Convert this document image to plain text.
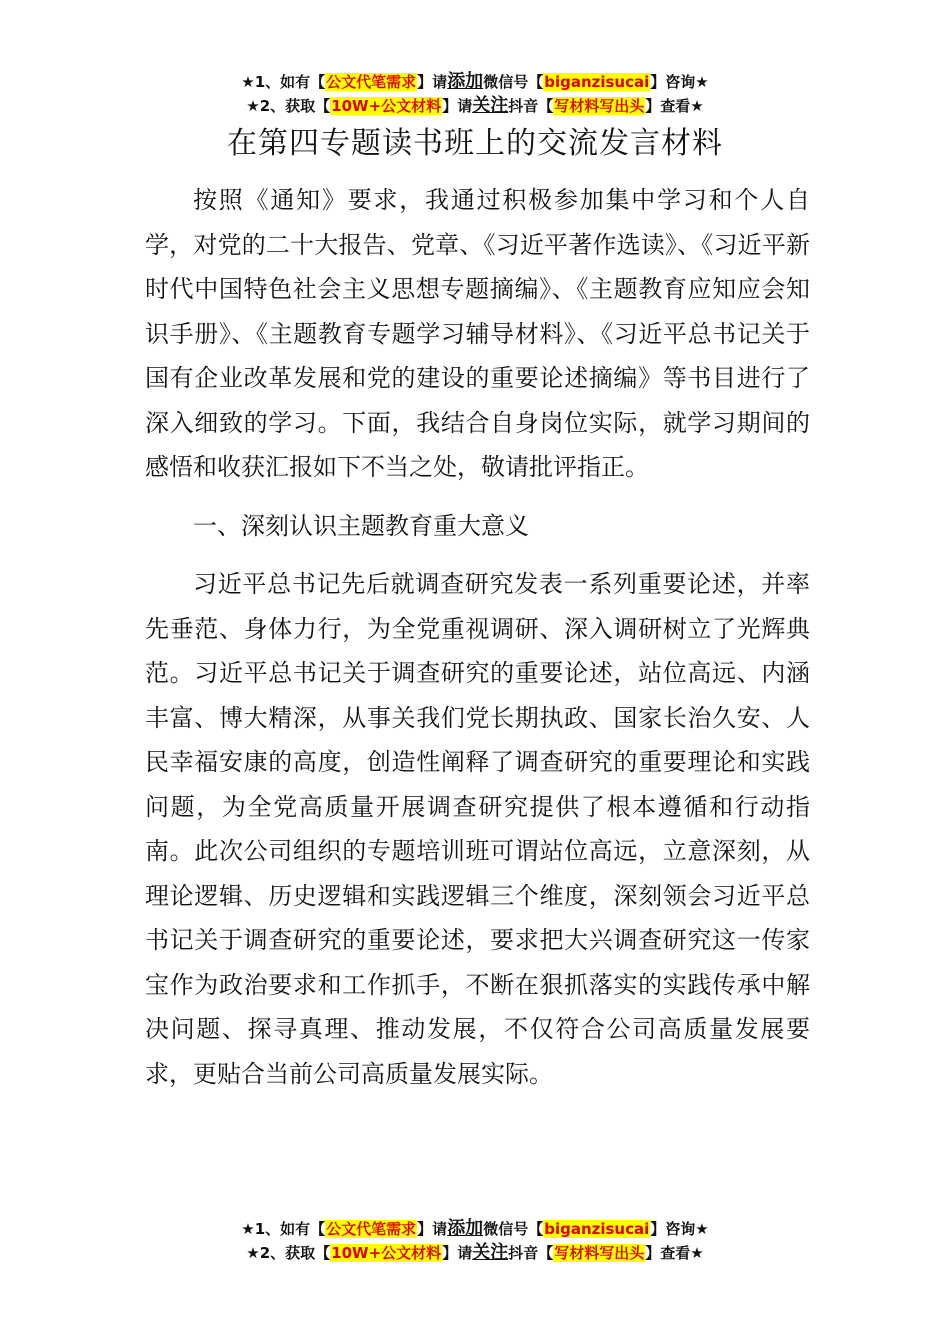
★1、如有【公文代笔需求】请添加微信号【biganzisucai】咨询★
★2、获取【10W+公文材料】请关注抖音【写材料写出头】查看★
在第四专题读书班上的交流发言材料

按照《通知》要求，我通过积极参加集中学习和个人自学，对党的二十大报告、党章、《习近平著作选读》、《习近平新时代中国特色社会主义思想专题摘编》、《主题教育应知应会知识手册》、《主题教育专题学习辅导材料》、《习近平总书记关于国有企业改革发展和党的建设的重要论述摘编》等书目进行了深入细致的学习。下面，我结合自身岗位实际，就学习期间的感悟和收获汇报如下不当之处，敬请批评指正。

一、深刻认识主题教育重大意义

习近平总书记先后就调查研究发表一系列重要论述，并率先垂范、身体力行，为全党重视调研、深入调研树立了光辉典范。习近平总书记关于调查研究的重要论述，站位高远、内涵丰富、博大精深，从事关我们党长期执政、国家长治久安、人民幸福安康的高度，创造性阐释了调查研究的重要理论和实践问题，为全党高质量开展调查研究提供了根本遵循和行动指南。此次公司组织的专题培训班可谓站位高远，立意深刻，从理论逻辑、历史逻辑和实践逻辑三个维度，深刻领会习近平总书记关于调查研究的重要论述，要求把大兴调查研究这一传家宝作为政治要求和工作抓手，不断在狠抓落实的实践传承中解决问题、探寻真理、推动发展，不仅符合公司高质量发展要求，更贴合当前公司高质量发展实际。

★1、如有【公文代笔需求】请添加微信号【biganzisucai】咨询★
★2、获取【10W+公文材料】请关注抖音【写材料写出头】查看★
